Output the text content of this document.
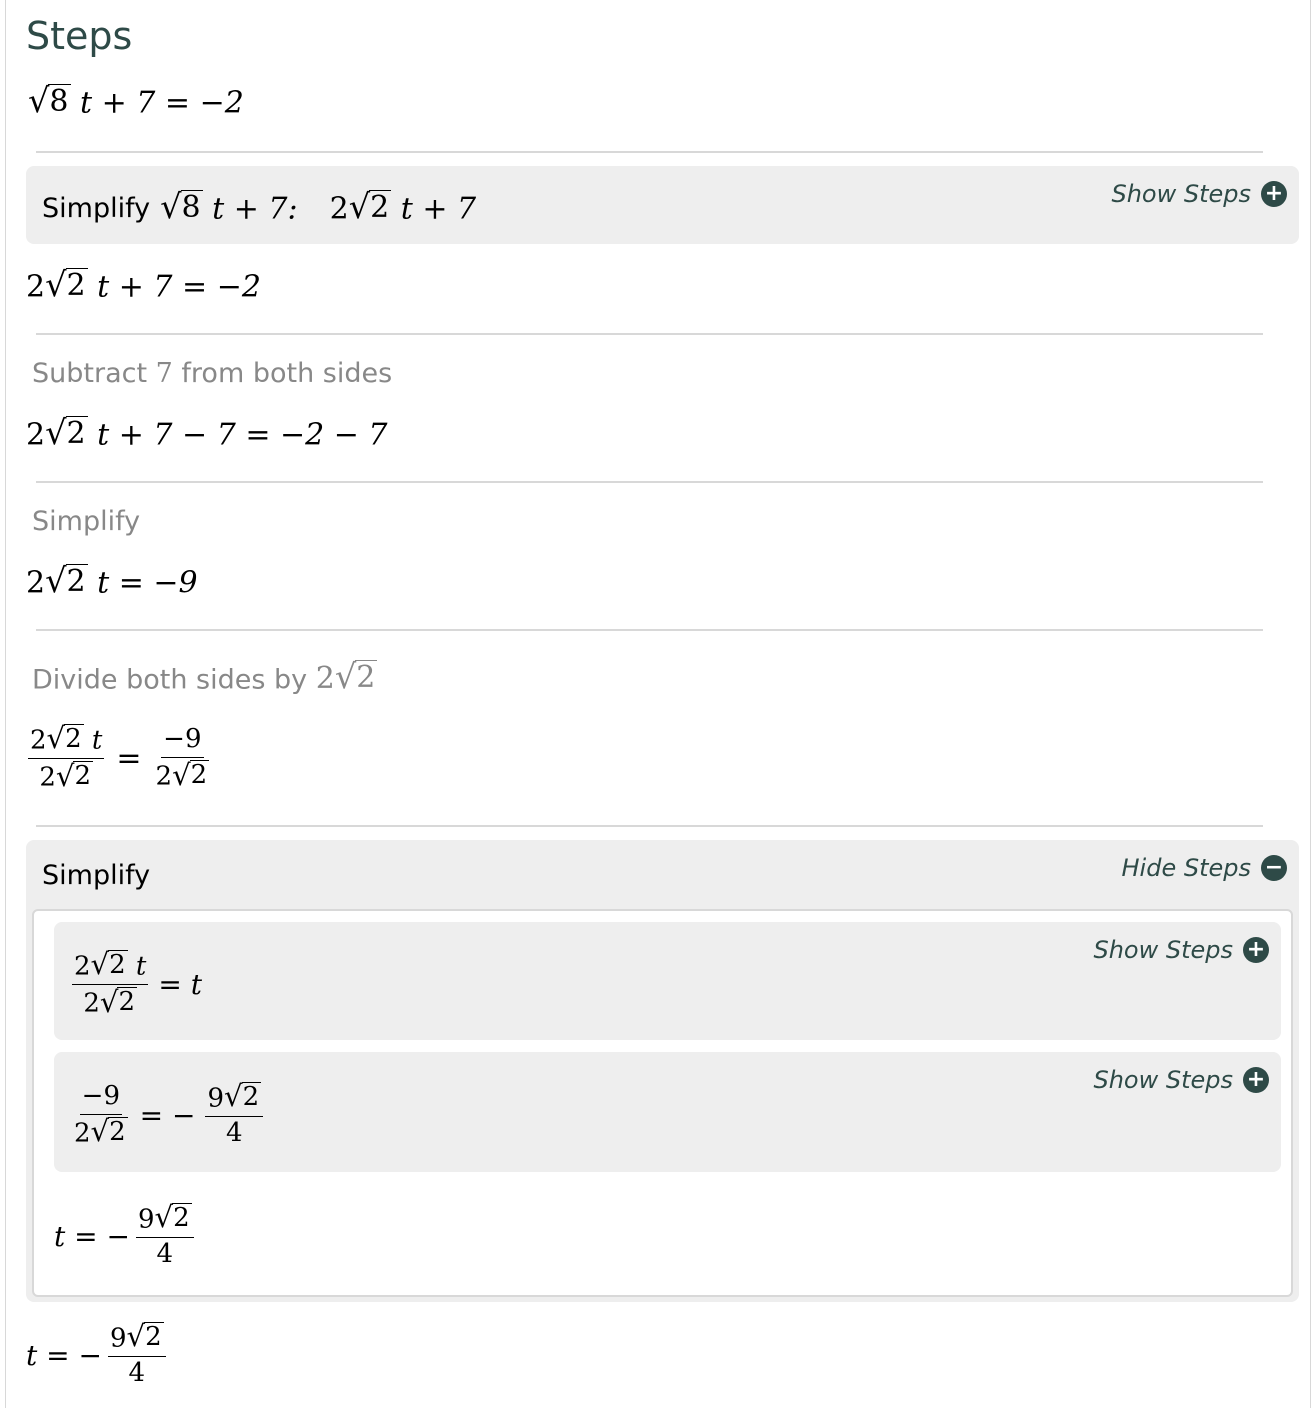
Steps
√ 8 t + 7 = −2
Simplify √ 8 t + 7: 2 √ 2 t + 7	Show Steps +
2 √ 2 t + 7 = −2
Subtract 7 from both sides
2 √ 2 t + 7 − 7 = −2 − 7
Simplify
2 √ 2 t = −9
Divide both sides by 2 √ 2
$\frac{2 √ 2 t}{2 √ 2} = \frac{-9}{2 √ 2}$
Simplify	Hide Steps −
$\frac{2 √ 2 t}{2 √ 2} = t$
Show Steps +
$\frac{-9}{2 √ 2}$ = − $\frac{9 √ 2}{4}$
Show Steps +
t = − $\frac{9 √ 2}{4}$
t = − $\frac{9 √ 2}{4}$
